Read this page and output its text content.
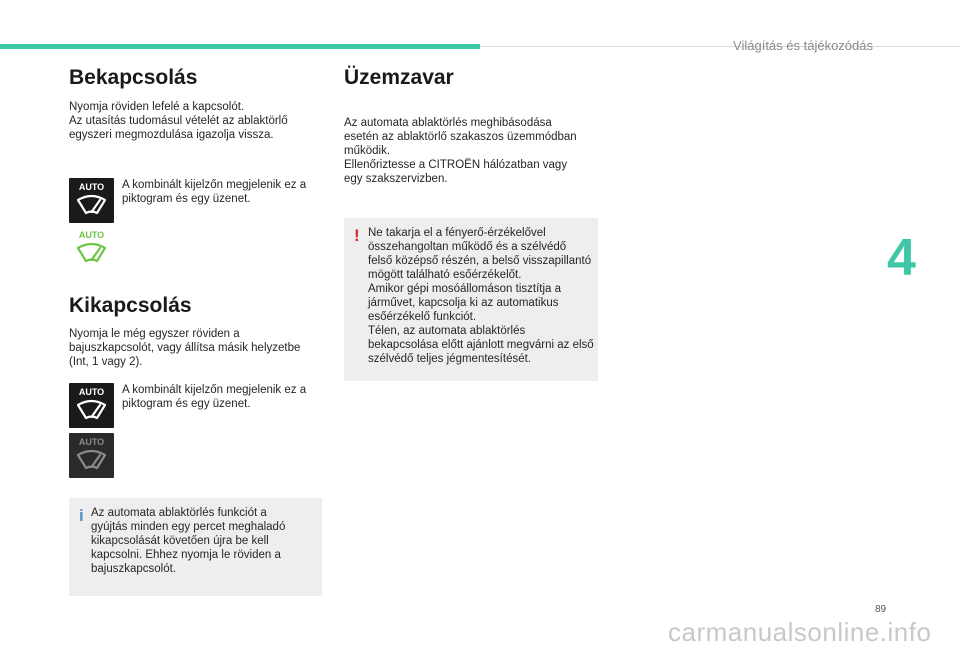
Világítás és tájékozódás
Bekapcsolás
Nyomja röviden lefelé a kapcsolót.
Az utasítás tudomásul vételét az ablaktörlő
egyszeri megmozdulása igazolja vissza.
AUTO A kombinált kijelzőn megjelenik ez a
piktogram és egy üzenet.
AUTO
Kikapcsolás
Nyomja le még egyszer röviden a
bajuszkapcsolót, vagy állítsa másik helyzetbe
(Int, 1 vagy 2).
AUTO A kombinált kijelzőn megjelenik ez a
piktogram és egy üzenet.
AUTO
i Az automata ablaktörlés funkciót a
gyújtás minden egy percet meghaladó
kikapcsolását követően újra be kell
kapcsolni. Ehhez nyomja le röviden a
bajuszkapcsolót.
Üzemzavar
Az automata ablaktörlés meghibásodása
esetén az ablaktörlő szakaszos üzemmódban
működik.
Ellenőriztesse a CITROËN hálózatban vagy
egy szakszervizben.
! Ne takarja el a fényerő-érzékelővel
összehangoltan működő és a szélvédő
felső középső részén, a belső visszapillantó
mögött található esőérzékelőt.
Amikor gépi mosóállomáson tisztítja a
járművet, kapcsolja ki az automatikus
esőérzékelő funkciót.
Télen, az automata ablaktörlés
bekapcsolása előtt ajánlott megvárni az első
szélvédő teljes jégmentesítését.
4
89
carmanualsonline.info
